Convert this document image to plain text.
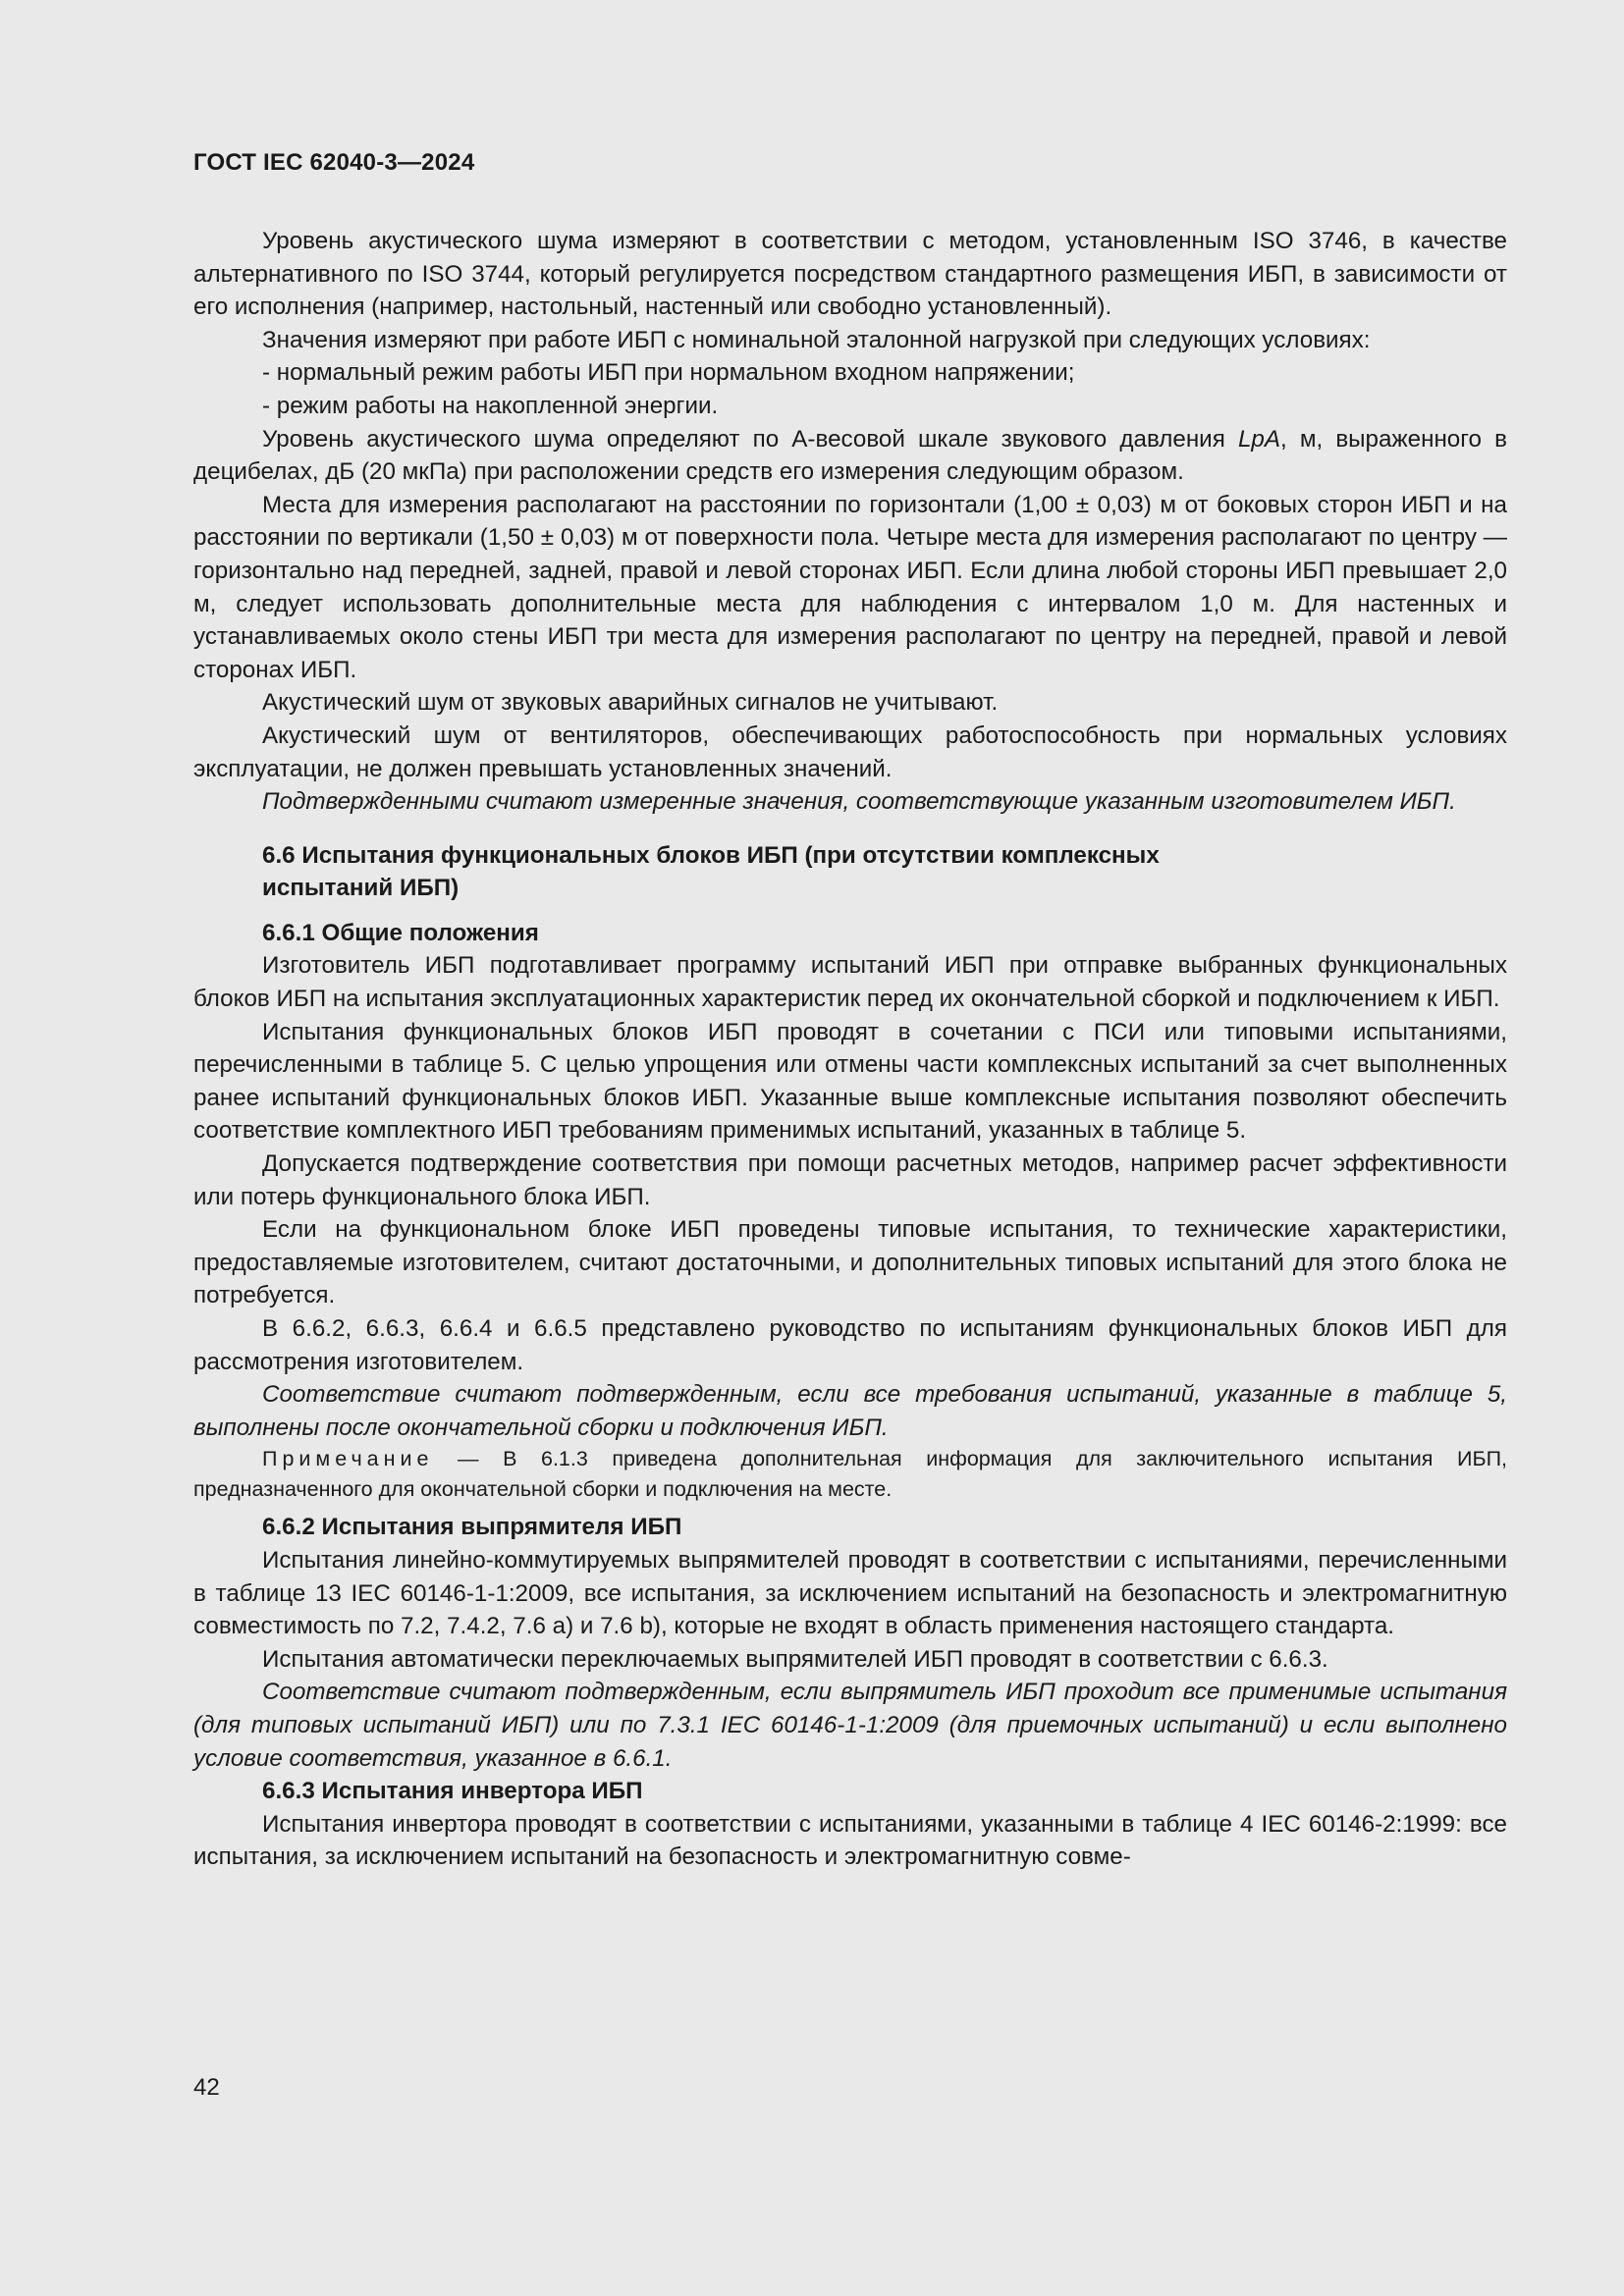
ГОСТ IEC 62040-3—2024

Уровень акустического шума измеряют в соответствии с методом, установленным ISO 3746, в качестве альтернативного по ISO 3744, который регулируется посредством стандартного размещения ИБП, в зависимости от его исполнения (например, настольный, настенный или свободно установленный).

Значения измеряют при работе ИБП с номинальной эталонной нагрузкой при следующих условиях:

- нормальный режим работы ИБП при нормальном входном напряжении;

- режим работы на накопленной энергии.

Уровень акустического шума определяют по А-весовой шкале звукового давления LpA, м, выраженного в децибелах, дБ (20 мкПа) при расположении средств его измерения следующим образом.

Места для измерения располагают на расстоянии по горизонтали (1,00 ± 0,03) м от боковых сторон ИБП и на расстоянии по вертикали (1,50 ± 0,03) м от поверхности пола. Четыре места для измерения располагают по центру — горизонтально над передней, задней, правой и левой сторонах ИБП. Если длина любой стороны ИБП превышает 2,0 м, следует использовать дополнительные места для наблюдения с интервалом 1,0 м. Для настенных и устанавливаемых около стены ИБП три места для измерения располагают по центру на передней, правой и левой сторонах ИБП.

Акустический шум от звуковых аварийных сигналов не учитывают.

Акустический шум от вентиляторов, обеспечивающих работоспособность при нормальных условиях эксплуатации, не должен превышать установленных значений.

Подтвержденными считают измеренные значения, соответствующие указанным изготовителем ИБП.

6.6 Испытания функциональных блоков ИБП (при отсутствии комплексных
испытаний ИБП)

6.6.1 Общие положения

Изготовитель ИБП подготавливает программу испытаний ИБП при отправке выбранных функциональных блоков ИБП на испытания эксплуатационных характеристик перед их окончательной сборкой и подключением к ИБП.

Испытания функциональных блоков ИБП проводят в сочетании с ПСИ или типовыми испытаниями, перечисленными в таблице 5. С целью упрощения или отмены части комплексных испытаний за счет выполненных ранее испытаний функциональных блоков ИБП. Указанные выше комплексные испытания позволяют обеспечить соответствие комплектного ИБП требованиям применимых испытаний, указанных в таблице 5.

Допускается подтверждение соответствия при помощи расчетных методов, например расчет эффективности или потерь функционального блока ИБП.

Если на функциональном блоке ИБП проведены типовые испытания, то технические характеристики, предоставляемые изготовителем, считают достаточными, и дополнительных типовых испытаний для этого блока не потребуется.

В 6.6.2, 6.6.3, 6.6.4 и 6.6.5 представлено руководство по испытаниям функциональных блоков ИБП для рассмотрения изготовителем.

Соответствие считают подтвержденным, если все требования испытаний, указанные в таблице 5, выполнены после окончательной сборки и подключения ИБП.

Примечание — В 6.1.3 приведена дополнительная информация для заключительного испытания ИБП, предназначенного для окончательной сборки и подключения на месте.

6.6.2 Испытания выпрямителя ИБП

Испытания линейно-коммутируемых выпрямителей проводят в соответствии с испытаниями, перечисленными в таблице 13 IEC 60146-1-1:2009, все испытания, за исключением испытаний на безопасность и электромагнитную совместимость по 7.2, 7.4.2, 7.6 a) и 7.6 b), которые не входят в область применения настоящего стандарта.

Испытания автоматически переключаемых выпрямителей ИБП проводят в соответствии с 6.6.3.

Соответствие считают подтвержденным, если выпрямитель ИБП проходит все применимые испытания (для типовых испытаний ИБП) или по 7.3.1 IEC 60146-1-1:2009 (для приемочных испытаний) и если выполнено условие соответствия, указанное в 6.6.1.

6.6.3 Испытания инвертора ИБП

Испытания инвертора проводят в соответствии с испытаниями, указанными в таблице 4 IEC 60146-2:1999: все испытания, за исключением испытаний на безопасность и электромагнитную совме-

42
